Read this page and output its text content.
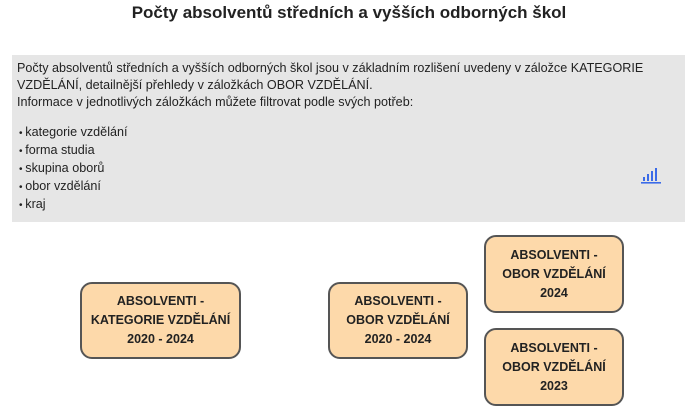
Počty absolventů středních a vyšších odborných škol

Počty absolventů středních a vyšších odborných škol jsou v základním rozlišení uvedeny v záložce KATEGORIE VZDĚLÁNÍ, detailnější přehledy v záložkách OBOR VZDĚLÁNÍ.

Informace v jednotlivých záložkách můžete filtrovat podle svých potřeb:

• kategorie vzdělání
• forma studia
• skupina oborů
• obor vzdělání
• kraj
ABSOLVENTI -
KATEGORIE VZDĚLÁNÍ
2020 - 2024
ABSOLVENTI -
OBOR VZDĚLÁNÍ
2020 - 2024
ABSOLVENTI -
OBOR VZDĚLÁNÍ
2024
ABSOLVENTI -
OBOR VZDĚLÁNÍ
2023
